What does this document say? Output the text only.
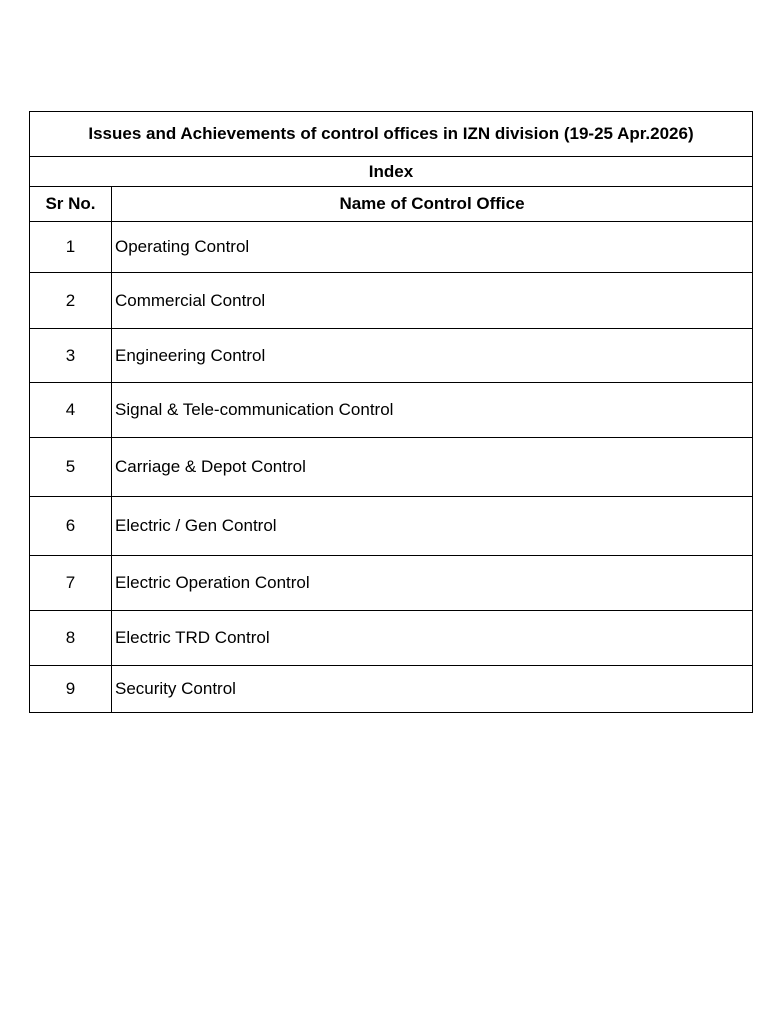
Issues and Achievements of control offices in IZN division (19-25 Apr.2026)	
Index	
Sr No.	Name of Control Office
1	Operating Control
2	Commercial Control
3	Engineering Control
4	Signal & Tele-communication Control
5	Carriage & Depot Control
6	Electric / Gen Control
7	Electric Operation Control
8	Electric TRD Control
9	Security Control
